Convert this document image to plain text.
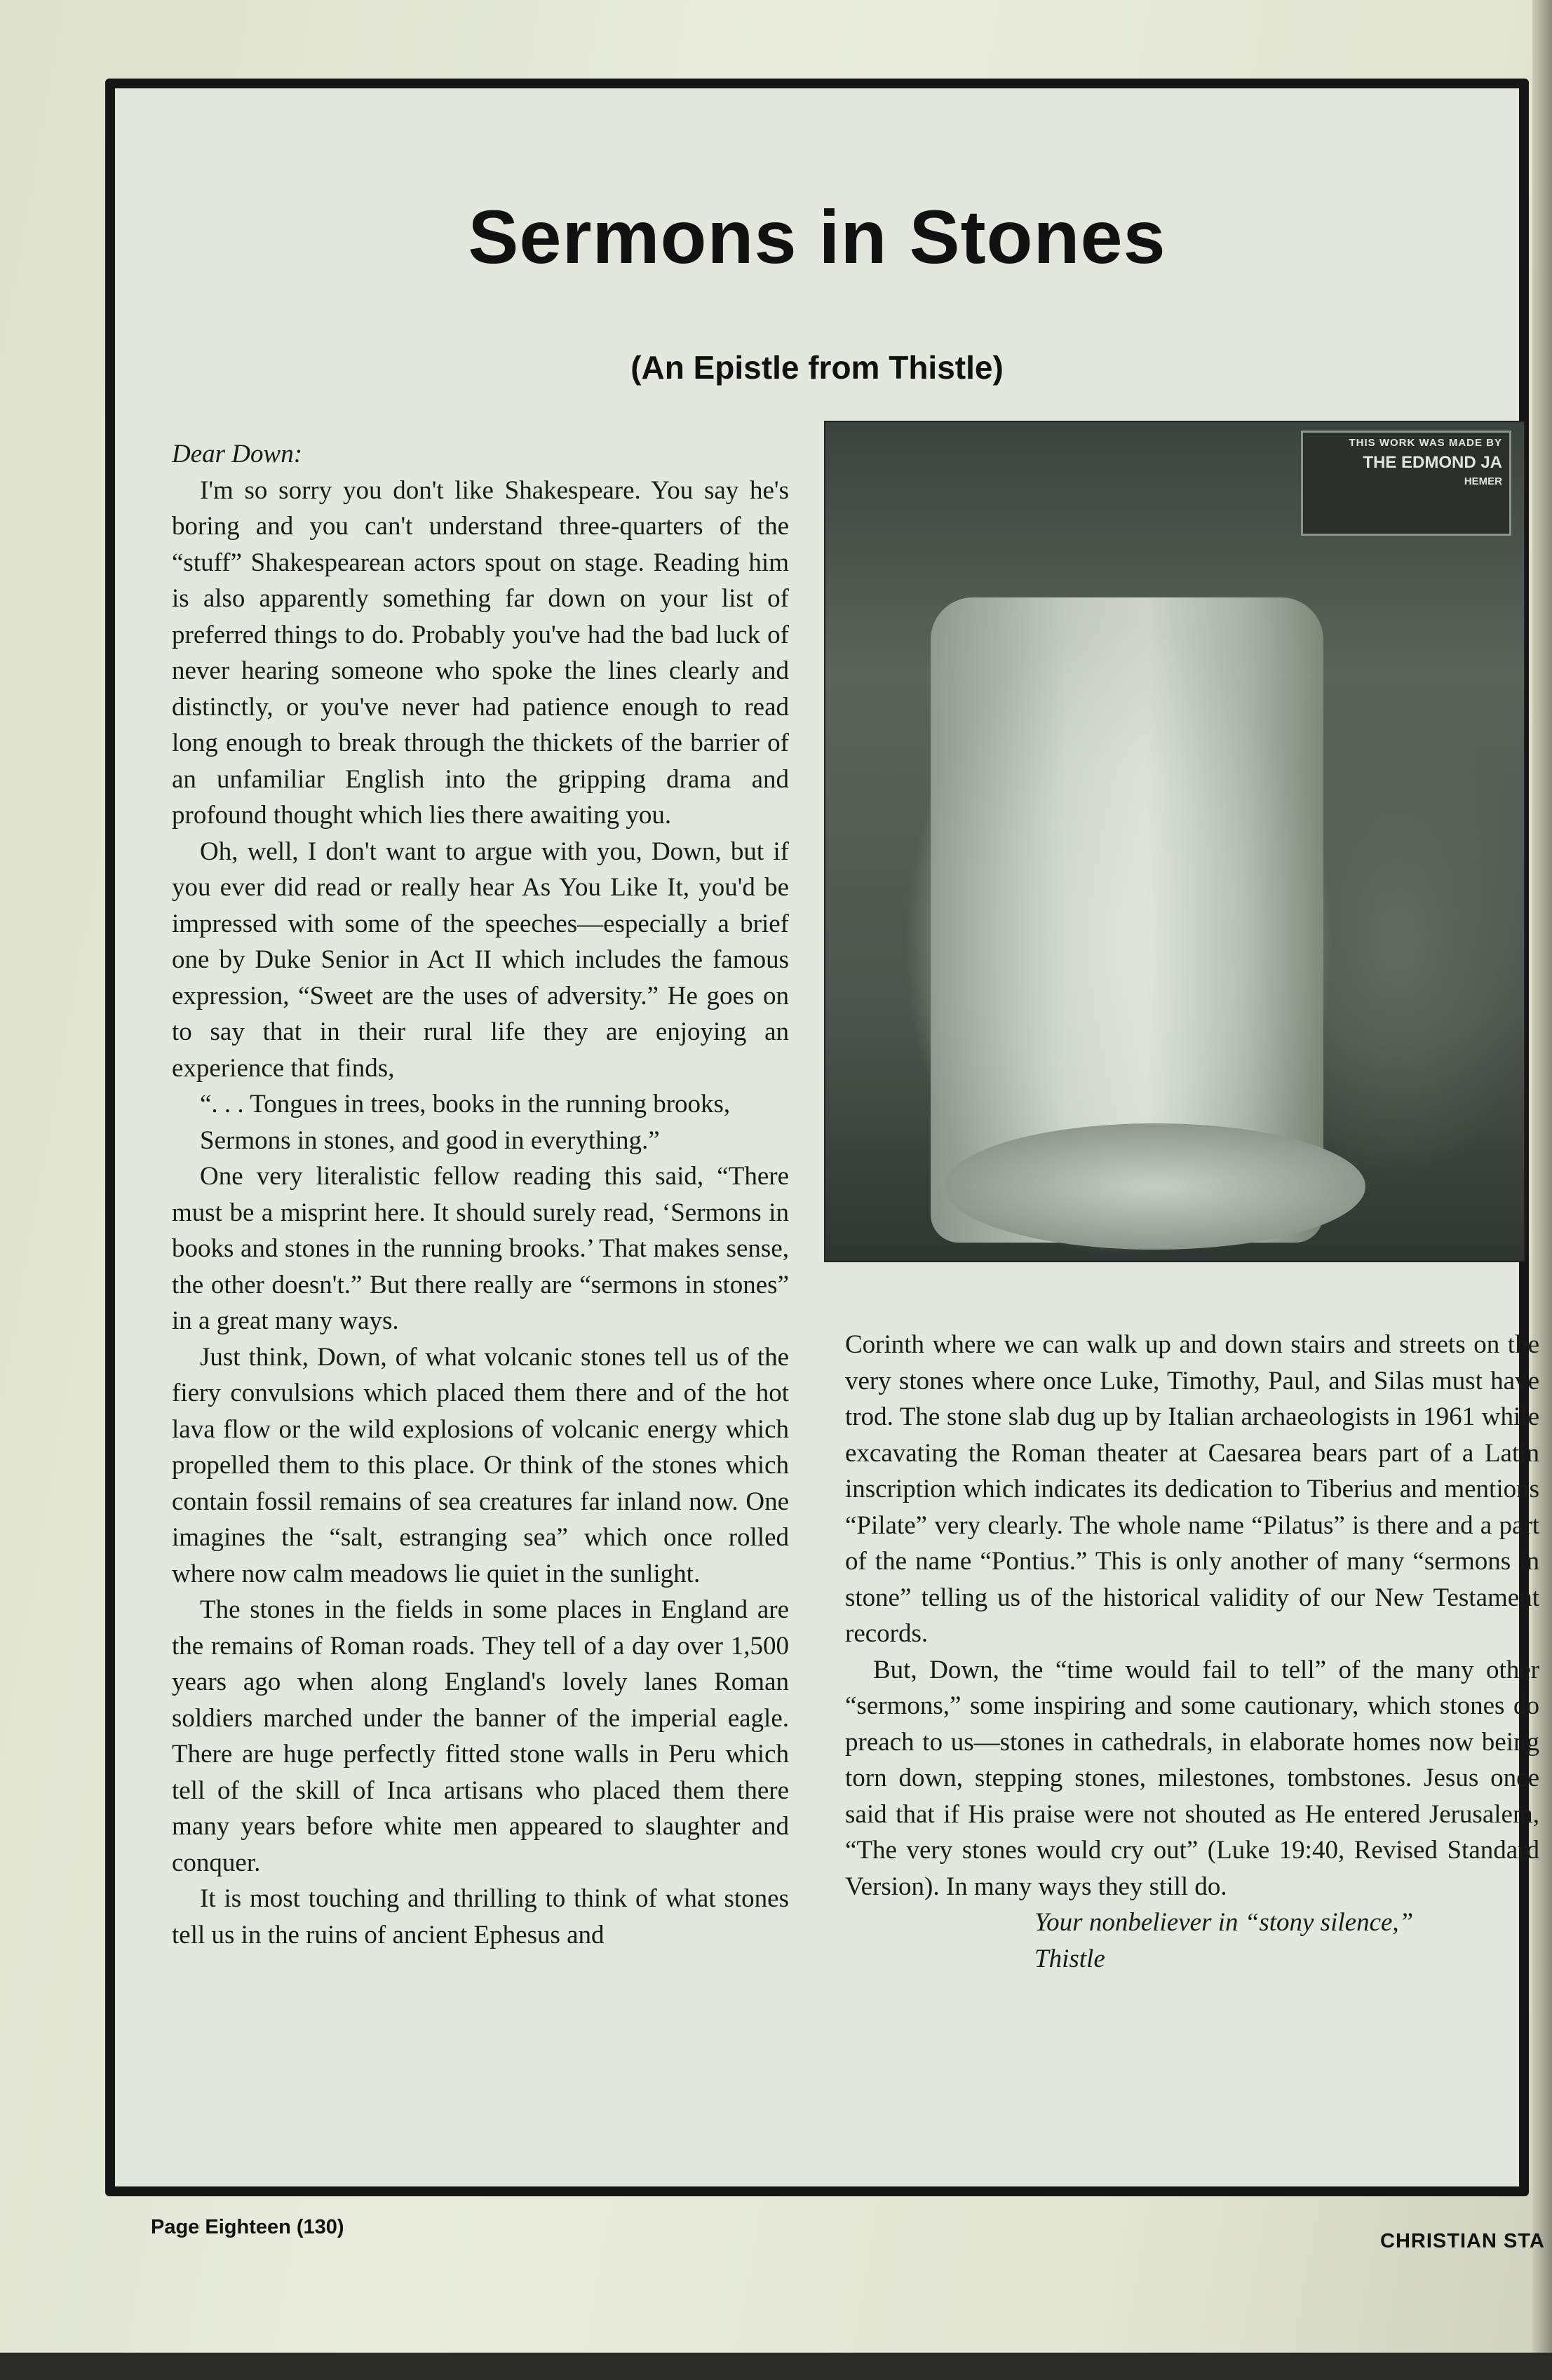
Sermons in Stones
(An Epistle from Thistle)

Dear Down:

I'm so sorry you don't like Shakespeare. You say he's boring and you can't understand three-quarters of the “stuff” Shakespearean actors spout on stage. Reading him is also apparently something far down on your list of preferred things to do. Probably you've had the bad luck of never hearing someone who spoke the lines clearly and distinctly, or you've never had patience enough to read long enough to break through the thickets of the barrier of an unfamiliar English into the gripping drama and profound thought which lies there awaiting you.

Oh, well, I don't want to argue with you, Down, but if you ever did read or really hear As You Like It, you'd be impressed with some of the speeches—especially a brief one by Duke Senior in Act II which includes the famous expression, “Sweet are the uses of adversity.” He goes on to say that in their rural life they are enjoying an experience that finds,

“. . . Tongues in trees, books in the running brooks,

Sermons in stones, and good in everything.”

One very literalistic fellow reading this said, “There must be a misprint here. It should surely read, ‘Sermons in books and stones in the running brooks.’ That makes sense, the other doesn't.” But there really are “sermons in stones” in a great many ways.

Just think, Down, of what volcanic stones tell us of the fiery convulsions which placed them there and of the hot lava flow or the wild explosions of volcanic energy which propelled them to this place. Or think of the stones which contain fossil remains of sea creatures far inland now. One imagines the “salt, estranging sea” which once rolled where now calm meadows lie quiet in the sunlight.

The stones in the fields in some places in England are the remains of Roman roads. They tell of a day over 1,500 years ago when along England's lovely lanes Roman soldiers marched under the banner of the imperial eagle. There are huge perfectly fitted stone walls in Peru which tell of the skill of Inca artisans who placed them there many years before white men appeared to slaughter and conquer.

It is most touching and thrilling to think of what stones tell us in the ruins of ancient Ephesus and

THIS WORK WAS MADE BY
THE EDMOND JA
HEMER

Corinth where we can walk up and down stairs and streets on the very stones where once Luke, Timothy, Paul, and Silas must have trod. The stone slab dug up by Italian archaeologists in 1961 while excavating the Roman theater at Caesarea bears part of a Latin inscription which indicates its dedication to Tiberius and mentions “Pilate” very clearly. The whole name “Pilatus” is there and a part of the name “Pontius.” This is only another of many “sermons in stone” telling us of the historical validity of our New Testament records.

But, Down, the “time would fail to tell” of the many other “sermons,” some inspiring and some cautionary, which stones do preach to us—stones in cathedrals, in elaborate homes now being torn down, stepping stones, milestones, tombstones. Jesus once said that if His praise were not shouted as He entered Jerusalem, “The very stones would cry out” (Luke 19:40, Revised Standard Version). In many ways they still do.

Your nonbeliever in “stony silence,”

Thistle

Page Eighteen (130)
CHRISTIAN STA
